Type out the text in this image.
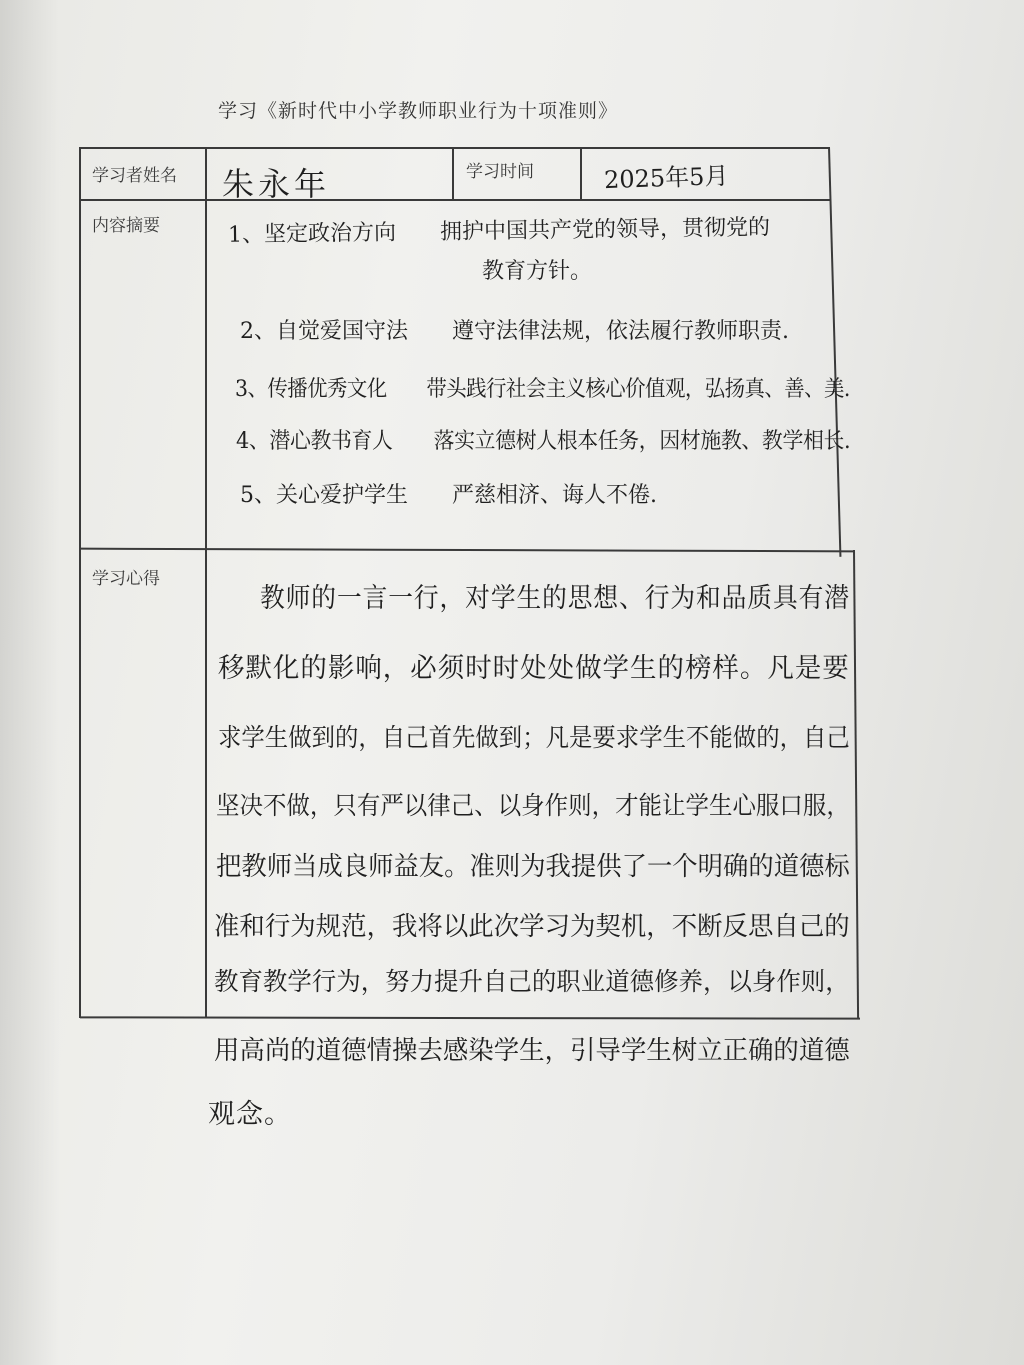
学习《新时代中小学教师职业行为十项准则》
学习者姓名	学习时间
内容摘要
学习心得
朱永年	2025年5月
1、坚定政治方向　　拥护中国共产党的领导，贯彻党的
教育方针。
2、自觉爱国守法　　遵守法律法规，依法履行教师职责.
3、传播优秀文化　　带头践行社会主义核心价值观，弘扬真、善、美.
4、潜心教书育人　　落实立德树人根本任务，因材施教、教学相长.
5、关心爱护学生　　严慈相济、诲人不倦.
教师的一言一行，对学生的思想、行为和品质具有潜
移默化的影响，必须时时处处做学生的榜样。凡是要
求学生做到的，自己首先做到；凡是要求学生不能做的，自己
坚决不做，只有严以律己、以身作则，才能让学生心服口服，
把教师当成良师益友。准则为我提供了一个明确的道德标
准和行为规范，我将以此次学习为契机，不断反思自己的
教育教学行为，努力提升自己的职业道德修养，以身作则，
用高尚的道德情操去感染学生，引导学生树立正确的道德
观念。
